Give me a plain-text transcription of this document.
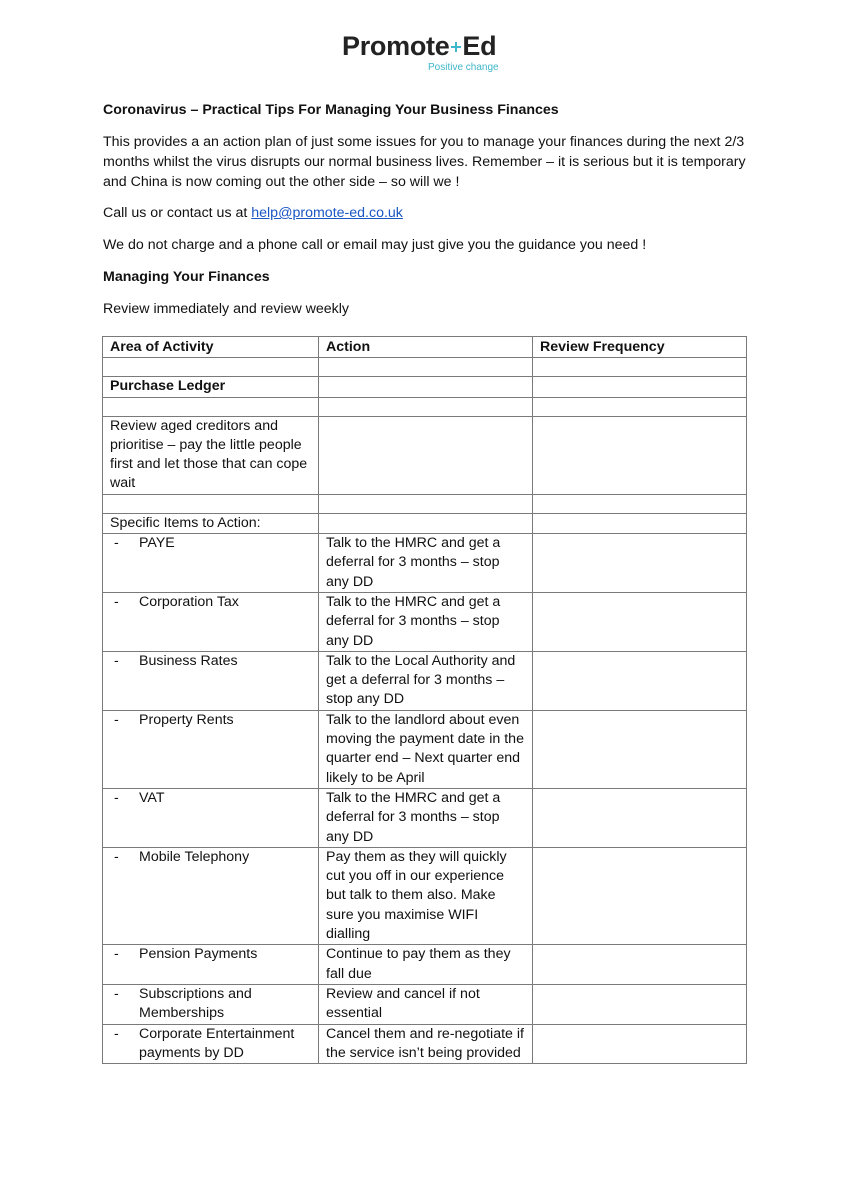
Promote Ed
Positive change

Coronavirus – Practical Tips For Managing Your Business Finances

This provides a an action plan of just some issues for you to manage your finances during the next 2/3 months whilst the virus disrupts our normal business lives. Remember – it is serious but it is temporary and China is now coming out the other side – so will we !

Call us or contact us at help@promote-ed.co.uk

We do not charge and a phone call or email may just give you the guidance you need !

Managing Your Finances

Review immediately and review weekly

Area of Activity	Action	Review Frequency

Purchase Ledger		

Review aged creditors and prioritise – pay the little people first and let those that can cope wait		

Specific Items to Action:		

- PAYE	Talk to the HMRC and get a deferral for 3 months – stop any DD	

- Corporation Tax	Talk to the HMRC and get a deferral for 3 months – stop any DD	

- Business Rates	Talk to the Local Authority and get a deferral for 3 months – stop any DD	

- Property Rents	Talk to the landlord about even moving the payment date in the quarter end – Next quarter end likely to be April	

- VAT	Talk to the HMRC and get a deferral for 3 months – stop any DD	

- Mobile Telephony	Pay them as they will quickly cut you off in our experience but talk to them also. Make sure you maximise WIFI dialling	

- Pension Payments	Continue to pay them as they fall due	

- Subscriptions and Memberships	Review and cancel if not essential	

- Corporate Entertainment payments by DD	Cancel them and re-negotiate if the service isn’t being provided	
